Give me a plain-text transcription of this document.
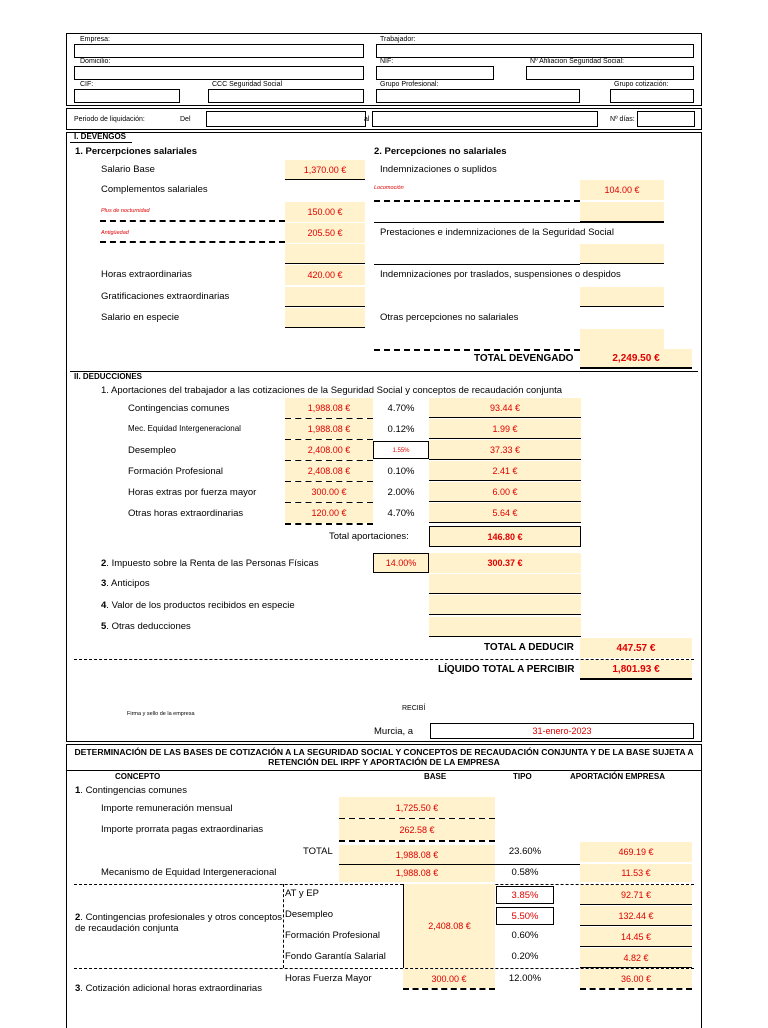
Empresa:	Trabajador:
Domicilio:	NIF:	Nº Afiliacion Seguridad Social:
CIF:	CCC Seguridad Social	Grupo Profesional:	Grupo cotización:
Periodo de liquidación:	Del	al	Nº días:
I. DEVENGOS
1. Percerpciones salariales	2. Percepciones no salariales
Salario Base	1,370.00 €
Complementos salariales
Plus de nocturnidad	150.00 €
Antigüedad	205.50 €
Horas extraordinarias	420.00 €
Gratificaciones extraordinarias
Salario en especie
Indemnizaciones o suplidos
Locomoción	104.00 €
Prestaciones e indemnizaciones de la Seguridad Social
Indemnizaciones por traslados, suspensiones o despidos
Otras percepciones no salariales
TOTAL DEVENGADO	2,249.50 €
II. DEDUCCIONES
1. Aportaciones del trabajador a las cotizaciones de la Seguridad Social y conceptos de recaudación conjunta
Contingencias comunes	1,988.08 €	4.70%	93.44 €
Mec. Equidad Intergeneracional	1,988.08 €	0.12%	1.99 €
Desempleo	2,408.00 €	1.55%	37.33 €
Formación Profesional	2,408.08 €	0.10%	2.41 €
Horas extras por fuerza mayor	300.00 €	2.00%	6.00 €
Otras horas extraordinarias	120.00 €	4.70%	5.64 €
Total aportaciones:	146.80 €
2. Impuesto sobre la Renta de las Personas Físicas	14.00%	300.37 €
3. Anticipos
4. Valor de los productos recibidos en especie
5. Otras deducciones
TOTAL A DEDUCIR	447.57 €
LÍQUIDO TOTAL A PERCIBIR	1,801.93 €
RECIBÍ
Firma y sello de la empresa
Murcia, a	31-enero-2023
DETERMINACIÓN DE LAS BASES DE COTIZACIÓN A LA SEGURIDAD SOCIAL Y CONCEPTOS DE RECAUDACIÓN CONJUNTA Y DE LA BASE SUJETA A RETENCIÓN DEL IRPF Y APORTACIÓN DE LA EMPRESA
CONCEPTO	BASE	TIPO	APORTACIÓN EMPRESA
1. Contingencias comunes
Importe remuneración mensual	1,725.50 €
Importe prorrata pagas extraordinarias	262.58 €
TOTAL	1,988.08 €	23.60%	469.19 €
Mecanismo de Equidad Intergeneracional	1,988.08 €	0.58%	11.53 €
2. Contingencias profesionales y otros conceptos de recaudación conjunta	2,408.08 €
AT y EP	3.85%	92.71 €
Desempleo	5.50%	132.44 €
Formación Profesional	0.60%	14.45 €
Fondo Garantía Salarial	0.20%	4.82 €
Horas Fuerza Mayor	300.00 €	12.00%	36.00 €
3. Cotización adicional horas extraordinarias
